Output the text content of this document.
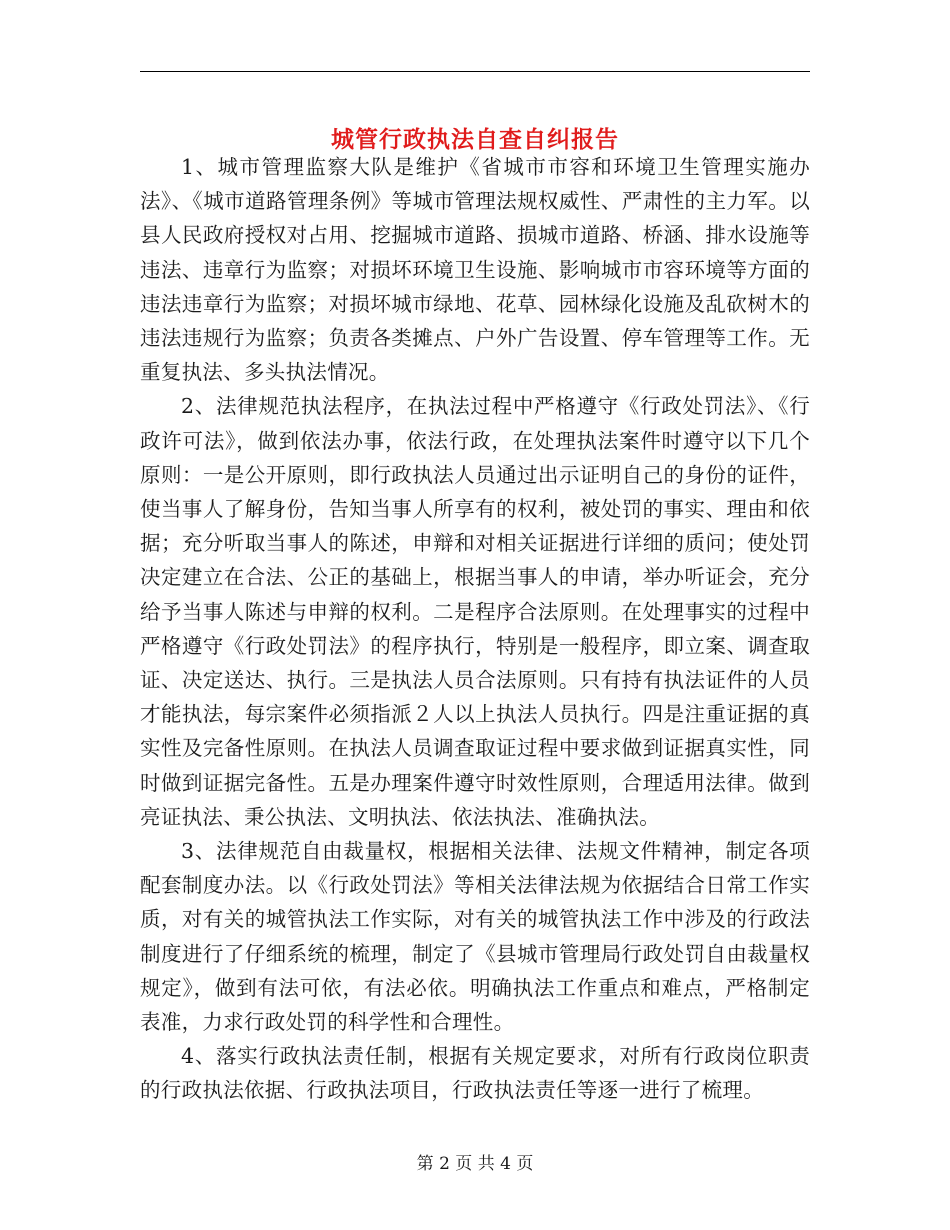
城管行政执法自查自纠报告

1、城市管理监察大队是维护《省城市市容和环境卫生管理实施办法》、《城市道路管理条例》等城市管理法规权威性、严肃性的主力军。以县人民政府授权对占用、挖掘城市道路、损城市道路、桥涵、排水设施等违法、违章行为监察；对损坏环境卫生设施、影响城市市容环境等方面的违法违章行为监察；对损坏城市绿地、花草、园林绿化设施及乱砍树木的违法违规行为监察；负责各类摊点、户外广告设置、停车管理等工作。无重复执法、多头执法情况。

2、法律规范执法程序，在执法过程中严格遵守《行政处罚法》、《行政许可法》，做到依法办事，依法行政，在处理执法案件时遵守以下几个原则：一是公开原则，即行政执法人员通过出示证明自己的身份的证件，使当事人了解身份，告知当事人所享有的权利，被处罚的事实、理由和依据；充分听取当事人的陈述，申辩和对相关证据进行详细的质问；使处罚决定建立在合法、公正的基础上，根据当事人的申请，举办听证会，充分给予当事人陈述与申辩的权利。二是程序合法原则。在处理事实的过程中严格遵守《行政处罚法》的程序执行，特别是一般程序，即立案、调查取证、决定送达、执行。三是执法人员合法原则。只有持有执法证件的人员才能执法，每宗案件必须指派２人以上执法人员执行。四是注重证据的真实性及完备性原则。在执法人员调查取证过程中要求做到证据真实性，同时做到证据完备性。五是办理案件遵守时效性原则，合理适用法律。做到亮证执法、秉公执法、文明执法、依法执法、准确执法。

3、法律规范自由裁量权，根据相关法律、法规文件精神，制定各项配套制度办法。以《行政处罚法》等相关法律法规为依据结合日常工作实质，对有关的城管执法工作实际，对有关的城管执法工作中涉及的行政法制度进行了仔细系统的梳理，制定了《县城市管理局行政处罚自由裁量权规定》，做到有法可依，有法必依。明确执法工作重点和难点，严格制定表准，力求行政处罚的科学性和合理性。

4、落实行政执法责任制，根据有关规定要求，对所有行政岗位职责的行政执法依据、行政执法项目，行政执法责任等逐一进行了梳理。

第 2 页 共 4 页
